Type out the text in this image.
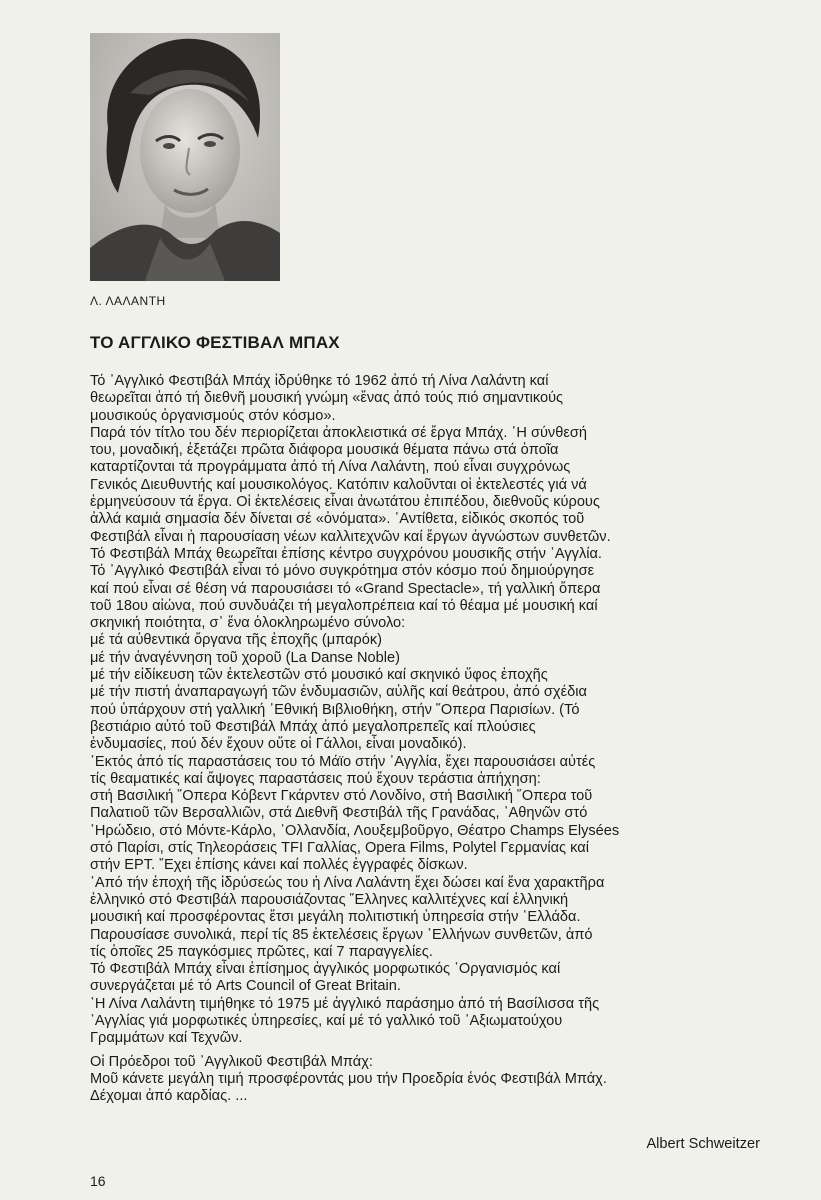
Λ. ΛΑΛΑΝΤΗ
ΤΟ ΑΓΓΛΙΚΟ ΦΕΣΤΙΒΑΛ ΜΠΑΧ
Τό ᾿Αγγλικό Φεστιβάλ Μπάχ ἱδρύθηκε τό 1962 ἀπό τή Λίνα Λαλάντη καί
θεωρεῖται ἀπό τή διεθνῆ μουσική γνώμη «ἕνας ἀπό τούς πιό σημαντικούς
μουσικούς ὀργανισμούς στόν κόσμο».
Παρά τόν τίτλο του δέν περιορίζεται ἀποκλειστικά σέ ἔργα Μπάχ. ῾Η σύνθεσή
του, μοναδική, ἐξετάζει πρῶτα διάφορα μουσικά θέματα πάνω στά ὁποῖα
καταρτίζονται τά προγράμματα ἀπό τή Λίνα Λαλάντη, πού εἶναι συγχρόνως
Γενικός Διευθυντής καί μουσικολόγος. Κατόπιν καλοῦνται οἱ ἐκτελεστές γιά νά
ἑρμηνεύσουν τά ἔργα. Οἱ ἐκτελέσεις εἶναι ἀνωτάτου ἐπιπέδου, διεθνοῦς κύρους
ἀλλά καμιά σημασία δέν δίνεται σέ «ὀνόματα». ᾿Αντίθετα, εἰδικός σκοπός τοῦ
Φεστιβάλ εἶναι ἡ παρουσίαση νέων καλλιτεχνῶν καί ἔργων ἀγνώστων συνθετῶν.
Τό Φεστιβάλ Μπάχ θεωρεῖται ἐπίσης κέντρο συγχρόνου μουσικῆς στήν ᾿Αγγλία.
Τό ᾿Αγγλικό Φεστιβάλ εἶναι τό μόνο συγκρότημα στόν κόσμο πού δημιούργησε
καί πού εἶναι σέ θέση νά παρουσιάσει τό «Grand Spectacle», τή γαλλική ὄπερα
τοῦ 18ου αἰώνα, πού συνδυάζει τή μεγαλοπρέπεια καί τό θέαμα μέ μουσική καί
σκηνική ποιότητα, σ᾿ ἕνα ὁλοκληρωμένο σύνολο:
μέ τά αὐθεντικά ὄργανα τῆς ἐποχῆς (μπαρόκ)
μέ τήν ἀναγέννηση τοῦ χοροῦ (La Danse Noble)
μέ τήν εἰδίκευση τῶν ἐκτελεστῶν στό μουσικό καί σκηνικό ὕφος ἐποχῆς
μέ τήν πιστή ἀναπαραγωγή τῶν ἐνδυμασιῶν, αὐλῆς καί θεάτρου, ἀπό σχέδια
πού ὑπάρχουν στή γαλλική ᾿Εθνική Βιβλιοθήκη, στήν ῞Οπερα Παρισίων. (Τό
βεστιάριο αὐτό τοῦ Φεστιβάλ Μπάχ ἀπό μεγαλοπρεπεῖς καί πλούσιες
ἐνδυμασίες, πού δέν ἔχουν οὔτε οἱ Γάλλοι, εἶναι μοναδικό).
᾿Εκτός ἀπό τίς παραστάσεις του τό Μάϊο στήν ᾿Αγγλία, ἔχει παρουσιάσει αὐτές
τίς θεαματικές καί ἄψογες παραστάσεις πού ἔχουν τεράστια ἀπήχηση:
στή Βασιλική ῞Οπερα Κόβεντ Γκάρντεν στό Λονδίνο, στή Βασιλική ῞Οπερα τοῦ
Παλατιοῦ τῶν Βερσαλλιῶν, στά Διεθνῆ Φεστιβάλ τῆς Γρανάδας, ᾿Αθηνῶν στό
῾Ηρώδειο, στό Μόντε-Κάρλο, ᾿Ολλανδία, Λουξεμβοῦργο, Θέατρο Champs Elysées
στό Παρίσι, στίς Τηλεοράσεις TFI Γαλλίας, Opera Films, Polytel Γερμανίας καί
στήν ΕΡΤ. ῎Εχει ἐπίσης κάνει καί πολλές ἐγγραφές δίσκων.
᾿Από τήν ἐποχή τῆς ἱδρύσεώς του ἡ Λίνα Λαλάντη ἔχει δώσει καί ἕνα χαρακτῆρα
ἑλληνικό στό Φεστιβάλ παρουσιάζοντας ῞Ελληνες καλλιτέχνες καί ἑλληνική
μουσική καί προσφέροντας ἔτσι μεγάλη πολιτιστική ὑπηρεσία στήν ῾Ελλάδα.
Παρουσίασε συνολικά, περί τίς 85 ἐκτελέσεις ἔργων ῾Ελλήνων συνθετῶν, ἀπό
τίς ὁποῖες 25 παγκόσμιες πρῶτες, καί 7 παραγγελίες.
Τό Φεστιβάλ Μπάχ εἶναι ἐπίσημος ἀγγλικός μορφωτικός ᾿Οργανισμός καί
συνεργάζεται μέ τό Arts Council of Great Britain.
῾Η Λίνα Λαλάντη τιμήθηκε τό 1975 μέ ἀγγλικό παράσημο ἀπό τή Βασίλισσα τῆς
᾿Αγγλίας γιά μορφωτικές ὑπηρεσίες, καί μέ τό γαλλικό τοῦ ᾿Αξιωματούχου
Γραμμάτων καί Τεχνῶν.
Οἱ Πρόεδροι τοῦ ᾿Αγγλικοῦ Φεστιβάλ Μπάχ:
Μοῦ κάνετε μεγάλη τιμή προσφέροντάς μου τήν Προεδρία ἑνός Φεστιβάλ Μπάχ.
Δέχομαι ἀπό καρδίας. ...
Albert Schweitzer
16
